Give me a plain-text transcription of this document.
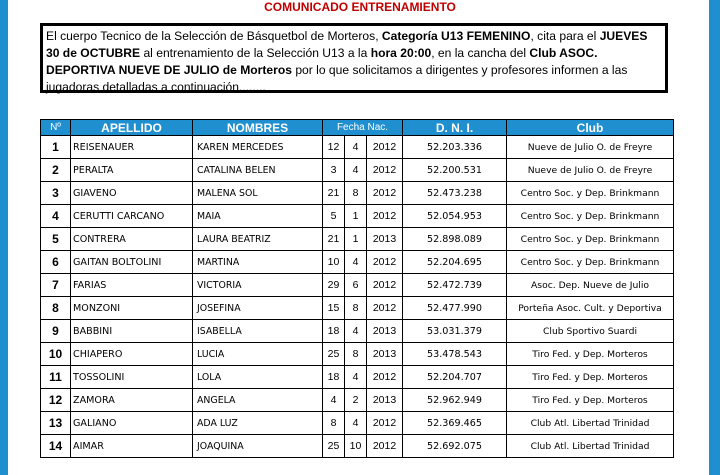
COMUNICADO ENTRENAMIENTO
El cuerpo Tecnico de la Selección de Básquetbol de Morteros, Categoría U13 FEMENINO, cita para el JUEVES 30 de OCTUBRE al entrenamiento de la Selección U13 a la hora 20:00, en la cancha del Club ASOC. DEPORTIVA NUEVE DE JULIO de Morteros por lo que solicitamos a dirigentes y profesores informen a las jugadoras detalladas a continuación........
Nº	APELLIDO	NOMBRES	Fecha Nac.			D. N. I.	Club
1	REISENAUER	KAREN MERCEDES	12	4	2012	52.203.336	Nueve de Julio O. de Freyre
2	PERALTA	CATALINA BELEN	3	4	2012	52.200.531	Nueve de Julio O. de Freyre
3	GIAVENO	MALENA SOL	21	8	2012	52.473.238	Centro Soc. y Dep. Brinkmann
4	CERUTTI CARCANO	MAIA	5	1	2012	52.054.953	Centro Soc. y Dep. Brinkmann
5	CONTRERA	LAURA BEATRIZ	21	1	2013	52.898.089	Centro Soc. y Dep. Brinkmann
6	GAITAN BOLTOLINI	MARTINA	10	4	2012	52.204.695	Centro Soc. y Dep. Brinkmann
7	FARIAS	VICTORIA	29	6	2012	52.472.739	Asoc. Dep. Nueve de Julio
8	MONZONI	JOSEFINA	15	8	2012	52.477.990	Porteña Asoc. Cult. y Deportiva
9	BABBINI	ISABELLA	18	4	2013	53.031.379	Club Sportivo Suardi
10	CHIAPERO	LUCIA	25	8	2013	53.478.543	Tiro Fed. y Dep. Morteros
11	TOSSOLINI	LOLA	18	4	2012	52.204.707	Tiro Fed. y Dep. Morteros
12	ZAMORA	ANGELA	4	2	2013	52.962.949	Tiro Fed. y Dep. Morteros
13	GALIANO	ADA LUZ	8	4	2012	52.369.465	Club Atl. Libertad Trinidad
14	AIMAR	JOAQUINA	25	10	2012	52.692.075	Club Atl. Libertad Trinidad
